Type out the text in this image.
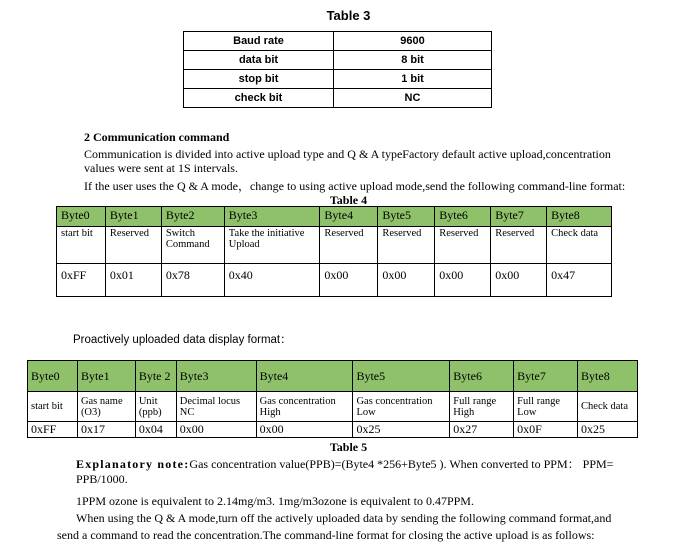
Table 3
Baud rate	9600
data bit	8 bit
stop bit	1 bit
check bit	NC
2 Communication command
Communication is divided into active upload type and Q & A typeFactory default active upload,concentration
values were sent at 1S intervals.
If the user uses the Q & A mode，change to using active upload mode,send the following command-line format:
Table 4
Byte0	Byte1	Byte2	Byte3	Byte4	Byte5	Byte6	Byte7	Byte8
start bit	Reserved	Switch Command	Take the initiative Upload	Reserved	Reserved	Reserved	Reserved	Check data
0xFF	0x01	0x78	0x40	0x00	0x00	0x00	0x00	0x47
Proactively uploaded data display format：
Byte0	Byte1	Byte 2	Byte3	Byte4	Byte5	Byte6	Byte7	Byte8
start bit	Gas name (O3)	Unit (ppb)	Decimal locus NC	Gas concentration High	Gas concentration Low	Full range High	Full range Low	Check data
0xFF	0x17	0x04	0x00	0x00	0x25	0x27	0x0F	0x25
Table 5
Explanatory note:Gas concentration value(PPB)=(Byte4 *256+Byte5 ). When converted to PPM： PPM=
PPB/1000.
1PPM ozone is equivalent to 2.14mg/m3. 1mg/m3ozone is equivalent to 0.47PPM.
When using the Q & A mode,turn off the actively uploaded data by sending the following command format,and
send a command to read the concentration.The command-line format for closing the active upload is as follows:
